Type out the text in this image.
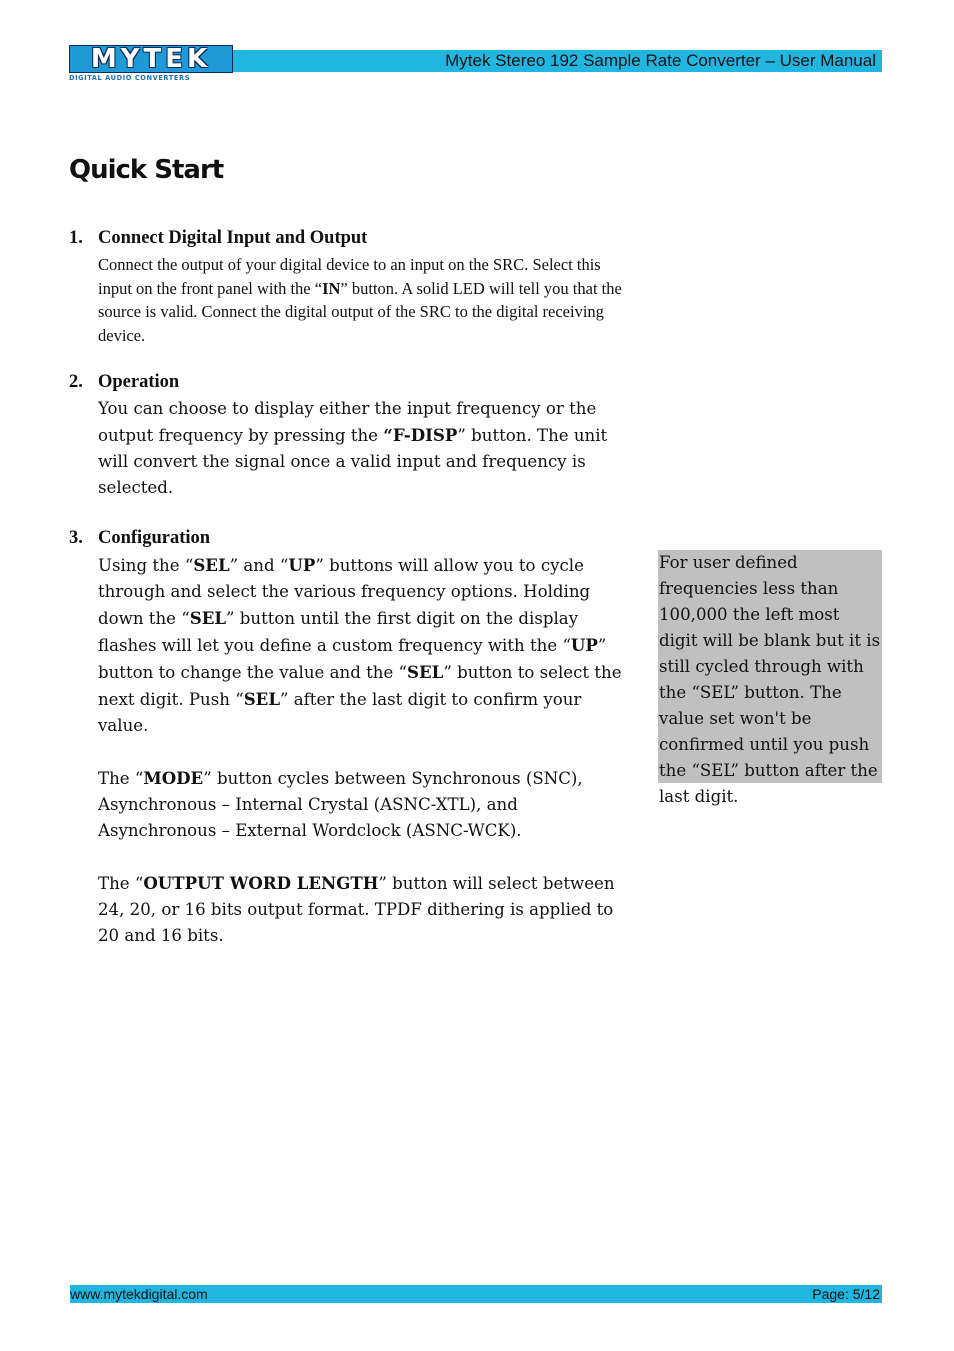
Mytek Stereo 192 Sample Rate Converter – User Manual
MYTEK
DIGITAL AUDIO CONVERTERS
Quick Start
1. Connect Digital Input and Output
Connect the output of your digital device to an input on the SRC. Select this input on the front panel with the “IN” button. A solid LED will tell you that the source is valid. Connect the digital output of the SRC to the digital receiving device.
2. Operation
You can choose to display either the input frequency or the output frequency by pressing the “F-DISP” button. The unit will convert the signal once a valid input and frequency is selected.
3. Configuration

Using the “SEL” and “UP” buttons will allow you to cycle through and select the various frequency options. Holding down the “SEL” button until the first digit on the display flashes will let you define a custom frequency with the “UP” button to change the value and the “SEL” button to select the next digit. Push “SEL” after the last digit to confirm your value.

The “MODE” button cycles between Synchronous (SNC), Asynchronous – Internal Crystal (ASNC-XTL), and Asynchronous – External Wordclock (ASNC-WCK).

The “OUTPUT WORD LENGTH” button will select between 24, 20, or 16 bits output format. TPDF dithering is applied to 20 and 16 bits.

For user defined frequencies less than 100,000 the left most digit will be blank but it is still cycled through with the “SEL” button. The value set won't be confirmed until you push the “SEL” button after the last digit.
www.mytekdigital.com	Page: 5/12
